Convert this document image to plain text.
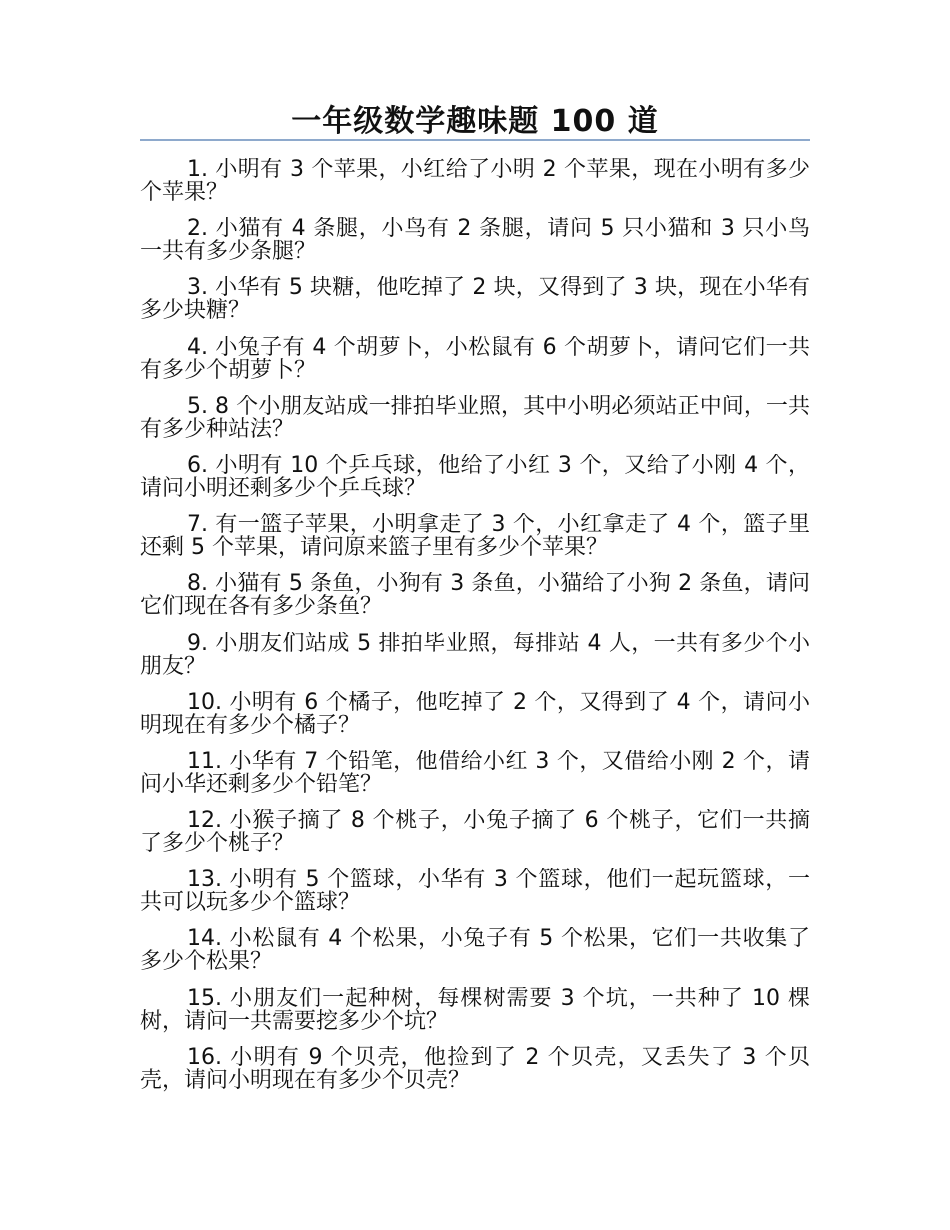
一年级数学趣味题 100 道

1. 小明有 3 个苹果，小红给了小明 2 个苹果，现在小明有多少个苹果？

2. 小猫有 4 条腿，小鸟有 2 条腿，请问 5 只小猫和 3 只小鸟一共有多少条腿？

3. 小华有 5 块糖，他吃掉了 2 块，又得到了 3 块，现在小华有多少块糖？

4. 小兔子有 4 个胡萝卜，小松鼠有 6 个胡萝卜，请问它们一共有多少个胡萝卜？

5. 8 个小朋友站成一排拍毕业照，其中小明必须站正中间，一共有多少种站法？

6. 小明有 10 个乒乓球，他给了小红 3 个，又给了小刚 4 个，请问小明还剩多少个乒乓球？

7. 有一篮子苹果，小明拿走了 3 个，小红拿走了 4 个，篮子里还剩 5 个苹果，请问原来篮子里有多少个苹果？

8. 小猫有 5 条鱼，小狗有 3 条鱼，小猫给了小狗 2 条鱼，请问它们现在各有多少条鱼？

9. 小朋友们站成 5 排拍毕业照，每排站 4 人，一共有多少个小朋友？

10. 小明有 6 个橘子，他吃掉了 2 个，又得到了 4 个，请问小明现在有多少个橘子？

11. 小华有 7 个铅笔，他借给小红 3 个，又借给小刚 2 个，请问小华还剩多少个铅笔？

12. 小猴子摘了 8 个桃子，小兔子摘了 6 个桃子，它们一共摘了多少个桃子？

13. 小明有 5 个篮球，小华有 3 个篮球，他们一起玩篮球，一共可以玩多少个篮球？

14. 小松鼠有 4 个松果，小兔子有 5 个松果，它们一共收集了多少个松果？

15. 小朋友们一起种树，每棵树需要 3 个坑，一共种了 10 棵树，请问一共需要挖多少个坑？

16. 小明有 9 个贝壳，他捡到了 2 个贝壳，又丢失了 3 个贝壳，请问小明现在有多少个贝壳？
